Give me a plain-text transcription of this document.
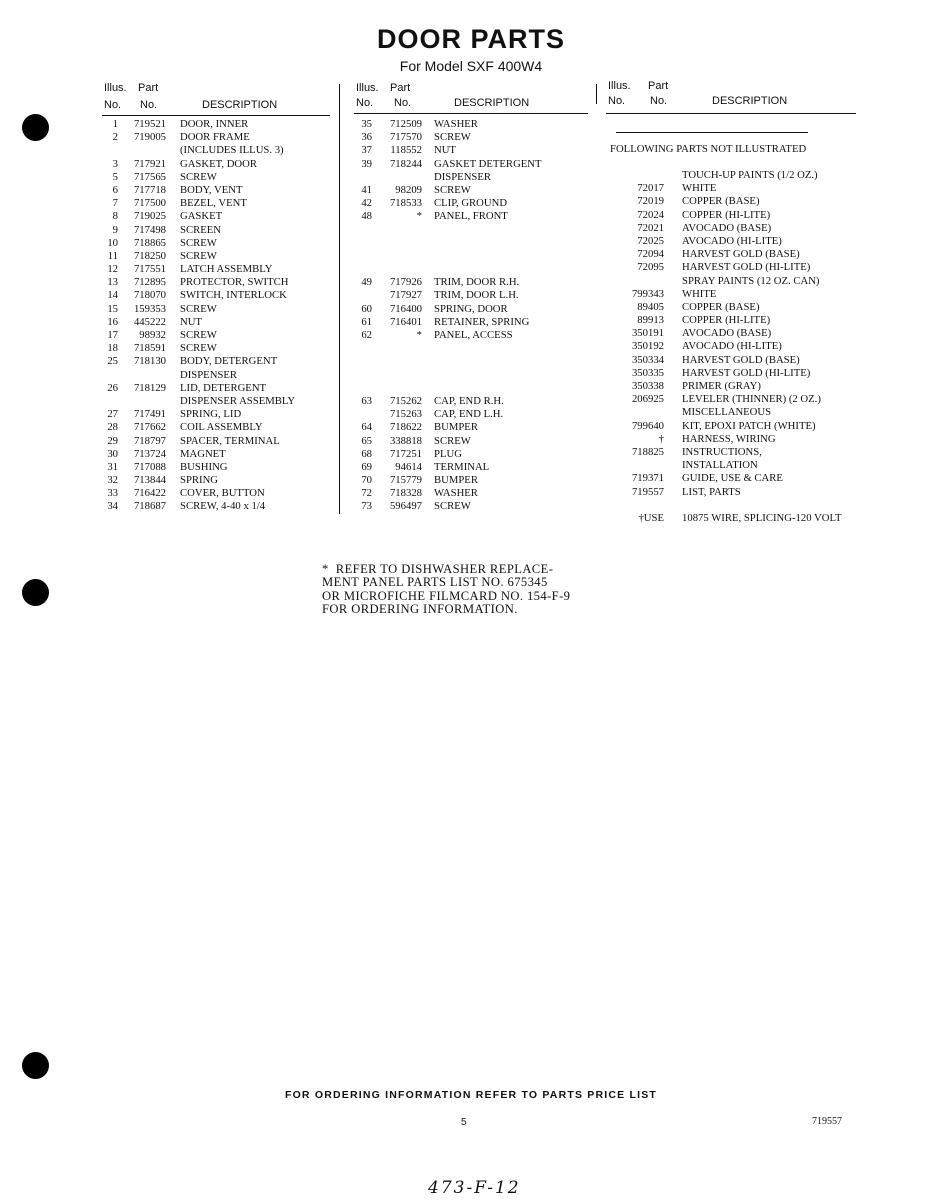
DOOR PARTS
For Model SXF 400W4
Illus. Part
No. No.	DESCRIPTION
1	719521 DOOR, INNER
2	719005 DOOR FRAME
(INCLUDES ILLUS. 3)
3	717921 GASKET, DOOR
5	717565 SCREW
6	717718 BODY, VENT
7	717500 BEZEL, VENT
8	719025 GASKET
9	717498 SCREEN
10	718865 SCREW
11	718250 SCREW
12	717551 LATCH ASSEMBLY
13	712895 PROTECTOR, SWITCH
14	718070 SWITCH, INTERLOCK
15	159353 SCREW
16	445222 NUT
17	98932 SCREW
18	718591 SCREW
25	718130 BODY, DETERGENT
DISPENSER
26	718129 LID, DETERGENT
DISPENSER ASSEMBLY
27	717491 SPRING, LID
28	717662 COIL ASSEMBLY
29	718797 SPACER, TERMINAL
30	713724 MAGNET
31	717088 BUSHING
32	713844 SPRING
33	716422 COVER, BUTTON
34	718687 SCREW, 4-40 x 1/4
Illus. Part
No. No.	DESCRIPTION
35	712509 WASHER
36	717570 SCREW
37	118552 NUT
39	718244 GASKET DETERGENT
DISPENSER
41	98209 SCREW
42	718533 CLIP, GROUND
48	* PANEL, FRONT
49	717926 TRIM, DOOR R.H.
717927 TRIM, DOOR L.H.
60	716400 SPRING, DOOR
61	716401 RETAINER, SPRING
62	* PANEL, ACCESS
63	715262 CAP, END R.H.
715263 CAP, END L.H.
64	718622 BUMPER
65	338818 SCREW
68	717251 PLUG
69	94614 TERMINAL
70	715779 BUMPER
72	718328 WASHER
73	596497 SCREW
Illus. Part
No. No.	DESCRIPTION
FOLLOWING PARTS NOT ILLUSTRATED
TOUCH-UP PAINTS (1/2 OZ.)
72017 WHITE
72019 COPPER (BASE)
72024 COPPER (HI-LITE)
72021 AVOCADO (BASE)
72025 AVOCADO (HI-LITE)
72094 HARVEST GOLD (BASE)
72095 HARVEST GOLD (HI-LITE)
SPRAY PAINTS (12 OZ. CAN)
799343 WHITE
89405 COPPER (BASE)
89913 COPPER (HI-LITE)
350191 AVOCADO (BASE)
350192 AVOCADO (HI-LITE)
350334 HARVEST GOLD (BASE)
350335 HARVEST GOLD (HI-LITE)
350338 PRIMER (GRAY)
206925 LEVELER (THINNER) (2 OZ.)
MISCELLANEOUS
799640 KIT, EPOXI PATCH (WHITE)
† HARNESS, WIRING
718825 INSTRUCTIONS,
INSTALLATION
719371 GUIDE, USE & CARE
719557 LIST, PARTS
†USE 10875 WIRE, SPLICING-120 VOLT
*  REFER TO DISHWASHER REPLACE-
MENT PANEL PARTS LIST NO. 675345
OR MICROFICHE FILMCARD NO. 154-F-9
FOR ORDERING INFORMATION.
FOR ORDERING INFORMATION REFER TO PARTS PRICE LIST
5	719557
473-F-12
